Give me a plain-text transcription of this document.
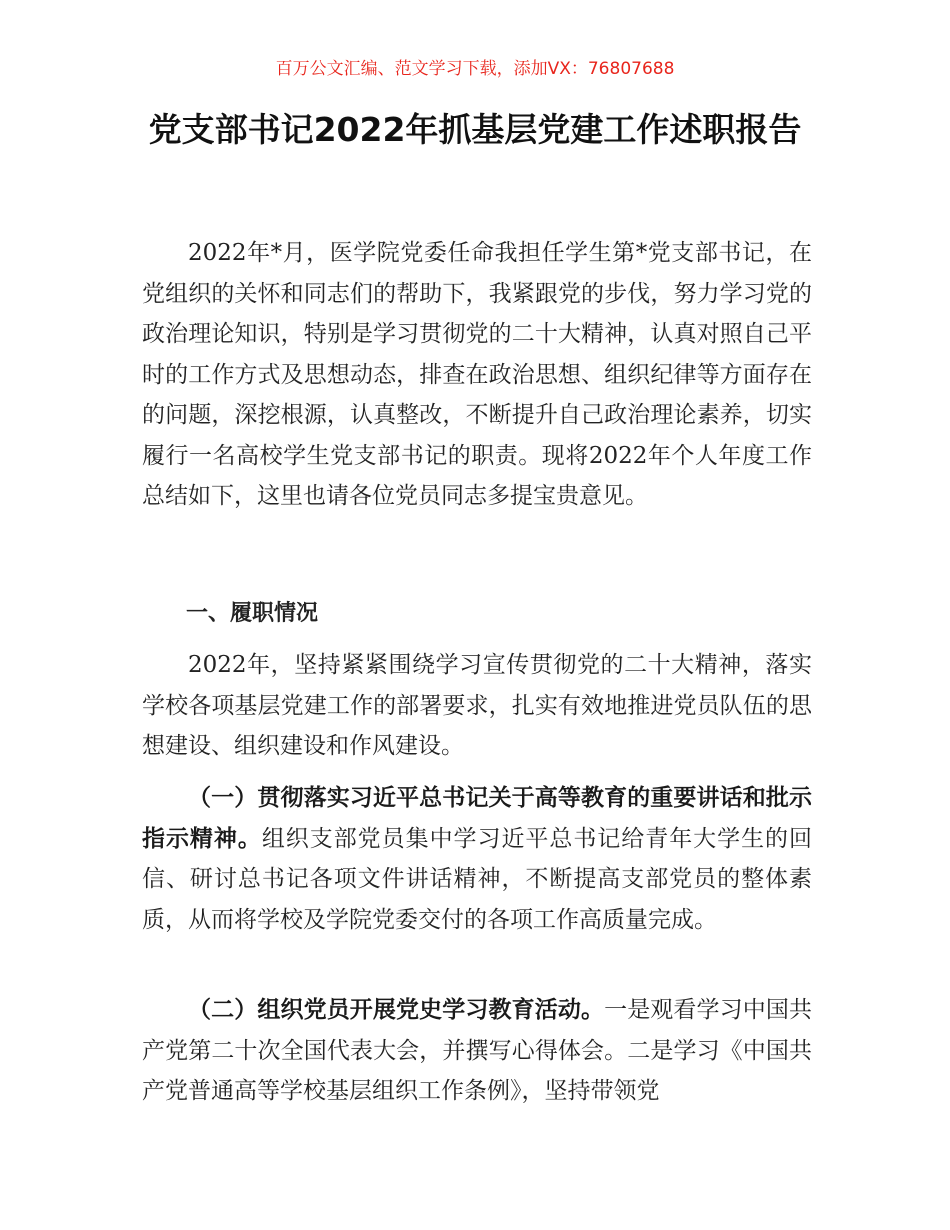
百万公文汇编、范文学习下载，添加VX：76807688
党支部书记2022年抓基层党建工作述职报告

2022年*月，医学院党委任命我担任学生第*党支部书记，在党组织的关怀和同志们的帮助下，我紧跟党的步伐，努力学习党的政治理论知识，特别是学习贯彻党的二十大精神，认真对照自己平时的工作方式及思想动态，排查在政治思想、组织纪律等方面存在的问题，深挖根源，认真整改，不断提升自己政治理论素养，切实履行一名高校学生党支部书记的职责。现将2022年个人年度工作总结如下，这里也请各位党员同志多提宝贵意见。

一、履职情况

2022年，坚持紧紧围绕学习宣传贯彻党的二十大精神，落实学校各项基层党建工作的部署要求，扎实有效地推进党员队伍的思想建设、组织建设和作风建设。

（一）贯彻落实习近平总书记关于高等教育的重要讲话和批示指示精神。组织支部党员集中学习近平总书记给青年大学生的回信、研讨总书记各项文件讲话精神，不断提高支部党员的整体素质，从而将学校及学院党委交付的各项工作高质量完成。

（二）组织党员开展党史学习教育活动。一是观看学习中国共产党第二十次全国代表大会，并撰写心得体会。二是学习《中国共产党普通高等学校基层组织工作条例》，坚持带领党
